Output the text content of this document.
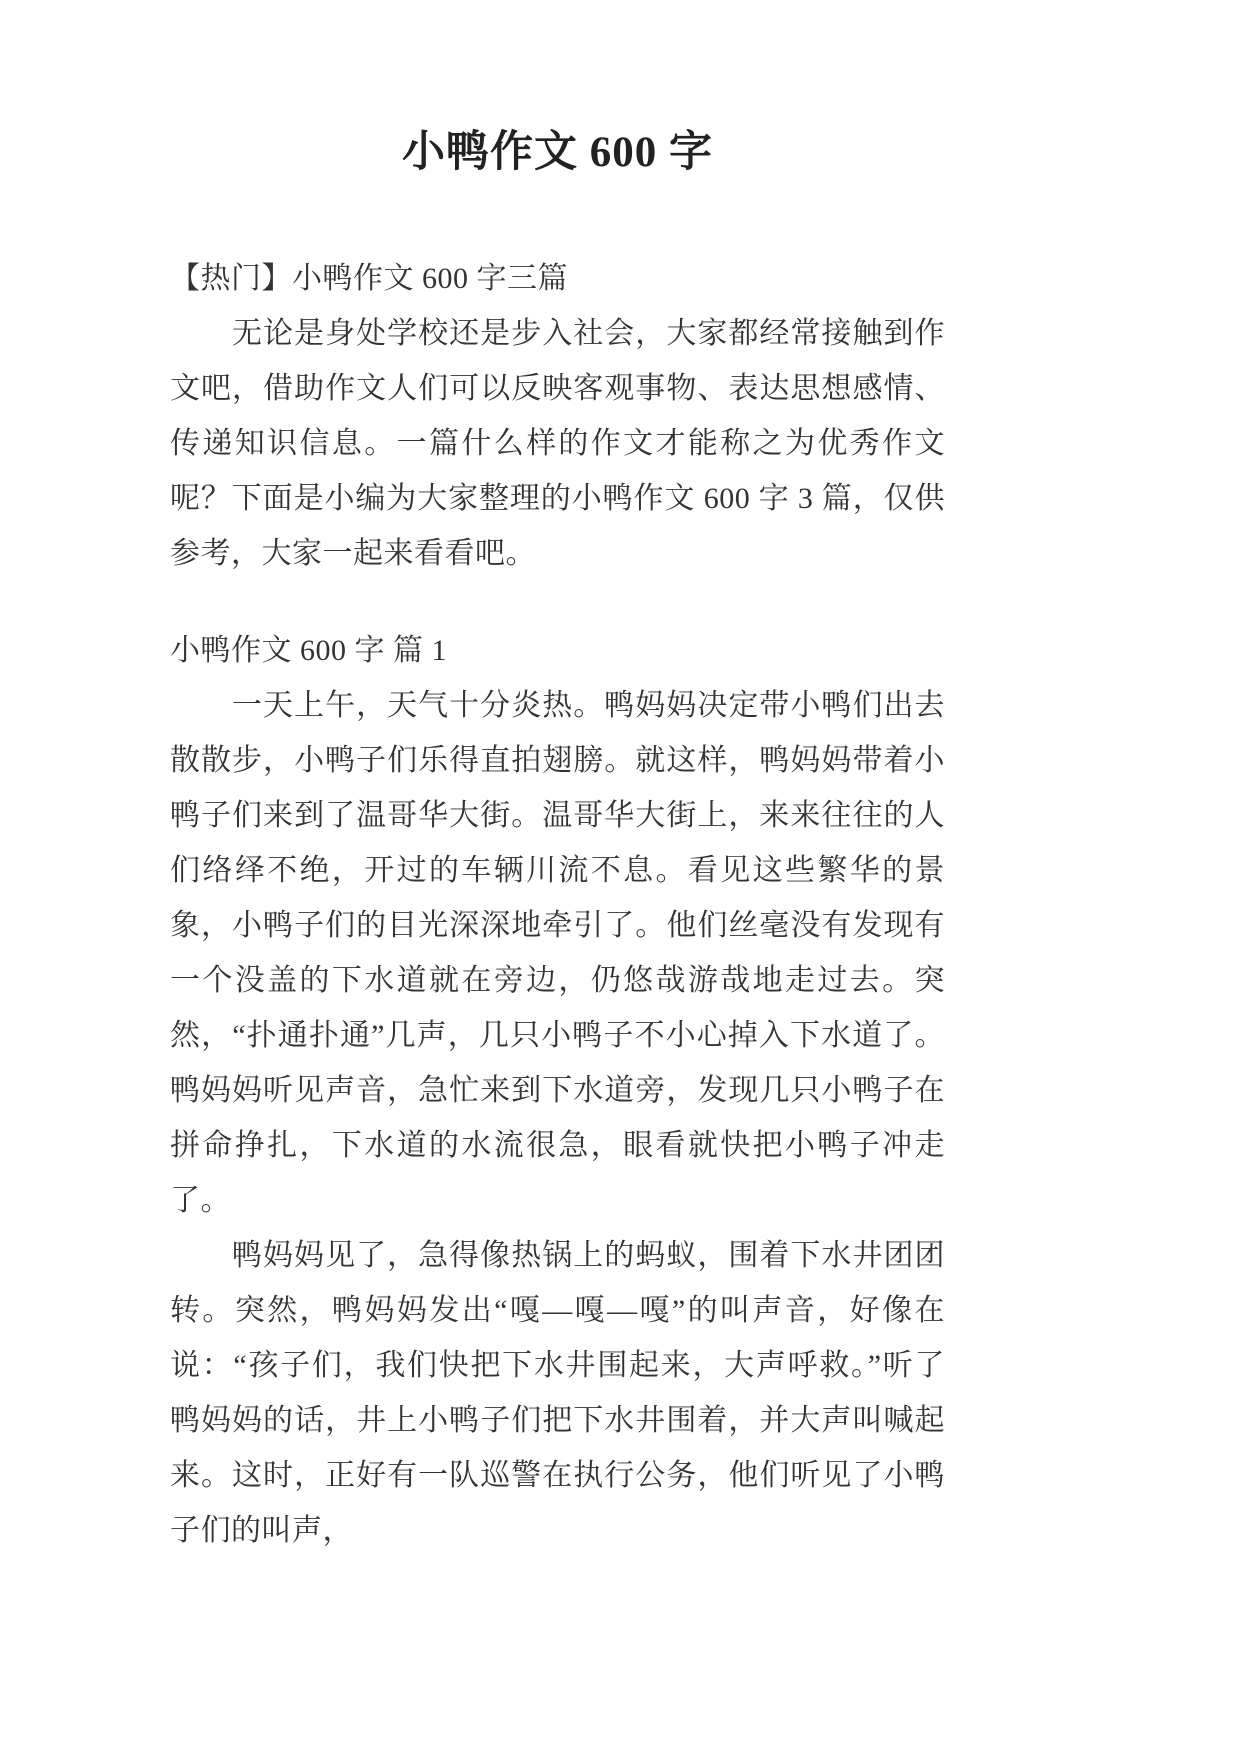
小鸭作文 600 字

【热门】小鸭作文 600 字三篇

无论是身处学校还是步入社会，大家都经常接触到作文吧，借助作文人们可以反映客观事物、表达思想感情、传递知识信息。一篇什么样的作文才能称之为优秀作文呢？下面是小编为大家整理的小鸭作文 600 字 3 篇，仅供参考，大家一起来看看吧。

小鸭作文 600 字 篇 1

一天上午，天气十分炎热。鸭妈妈决定带小鸭们出去散散步，小鸭子们乐得直拍翅膀。就这样，鸭妈妈带着小鸭子们来到了温哥华大街。温哥华大街上，来来往往的人们络绎不绝，开过的车辆川流不息。看见这些繁华的景象，小鸭子们的目光深深地牵引了。他们丝毫没有发现有一个没盖的下水道就在旁边，仍悠哉游哉地走过去。突然，“扑通扑通”几声，几只小鸭子不小心掉入下水道了。鸭妈妈听见声音，急忙来到下水道旁，发现几只小鸭子在拼命挣扎，下水道的水流很急，眼看就快把小鸭子冲走了。

鸭妈妈见了，急得像热锅上的蚂蚁，围着下水井团团转。突然，鸭妈妈发出“嘎—嘎—嘎”的叫声音，好像在说：“孩子们，我们快把下水井围起来，大声呼救。”听了鸭妈妈的话，井上小鸭子们把下水井围着，并大声叫喊起来。这时，正好有一队巡警在执行公务，他们听见了小鸭子们的叫声，
